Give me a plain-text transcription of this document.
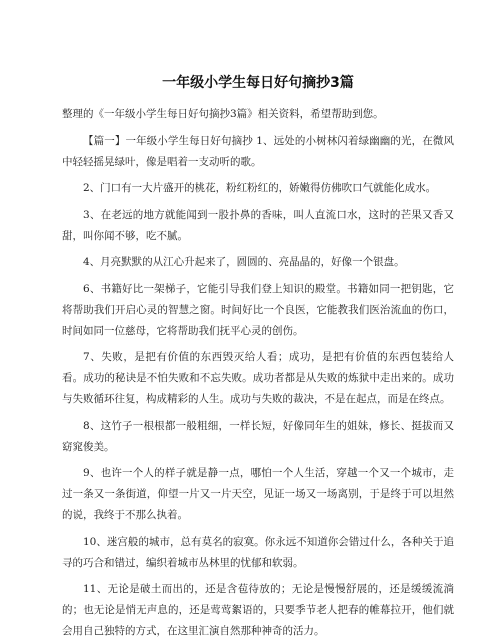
一年级小学生每日好句摘抄3篇

整理的《一年级小学生每日好句摘抄3篇》相关资料，希望帮助到您。

【篇一】一年级小学生每日好句摘抄 1、远处的小树林闪着绿幽幽的光，在微风中轻轻摇晃绿叶，像是唱着一支动听的歌。

2、门口有一大片盛开的桃花，粉红粉红的，娇嫩得仿佛吹口气就能化成水。

3、在老远的地方就能闻到一股扑鼻的香味，叫人直流口水，这时的芒果又香又甜，叫你闻不够，吃不腻。

4、月亮默默的从江心升起来了，圆圆的、亮晶晶的，好像一个银盘。

6、书籍好比一架梯子，它能引导我们登上知识的殿堂。书籍如同一把钥匙，它将帮助我们开启心灵的智慧之窗。时间好比一个良医，它能教我们医治流血的伤口，时间如同一位慈母，它将帮助我们抚平心灵的创伤。

7、失败，是把有价值的东西毁灭给人看；成功，是把有价值的东西包装给人看。成功的秘诀是不怕失败和不忘失败。成功者都是从失败的炼狱中走出来的。成功与失败循环往复，构成精彩的人生。成功与失败的裁决，不是在起点，而是在终点。

8、这竹子一根根都一般粗细，一样长短，好像同年生的姐妹，修长、挺拔而又窈窕俊美。

9、也许一个人的样子就是静一点，哪怕一个人生活，穿越一个又一个城市，走过一条又一条街道，仰望一片又一片天空，见证一场又一场离别，于是终于可以坦然的说，我终于不那么执着。

10、迷宫般的城市，总有莫名的寂寞。你永远不知道你会错过什么，各种关于追寻的巧合和错过，编织着城市丛林里的忧郁和软弱。

11、无论是破土而出的，还是含苞待放的；无论是慢慢舒展的，还是缓缓流淌的；也无论是悄无声息的，还是莺莺絮语的，只要季节老人把春的帷幕拉开，他们就会用自己独特的方式，在这里汇演自然那种神奇的活力。
